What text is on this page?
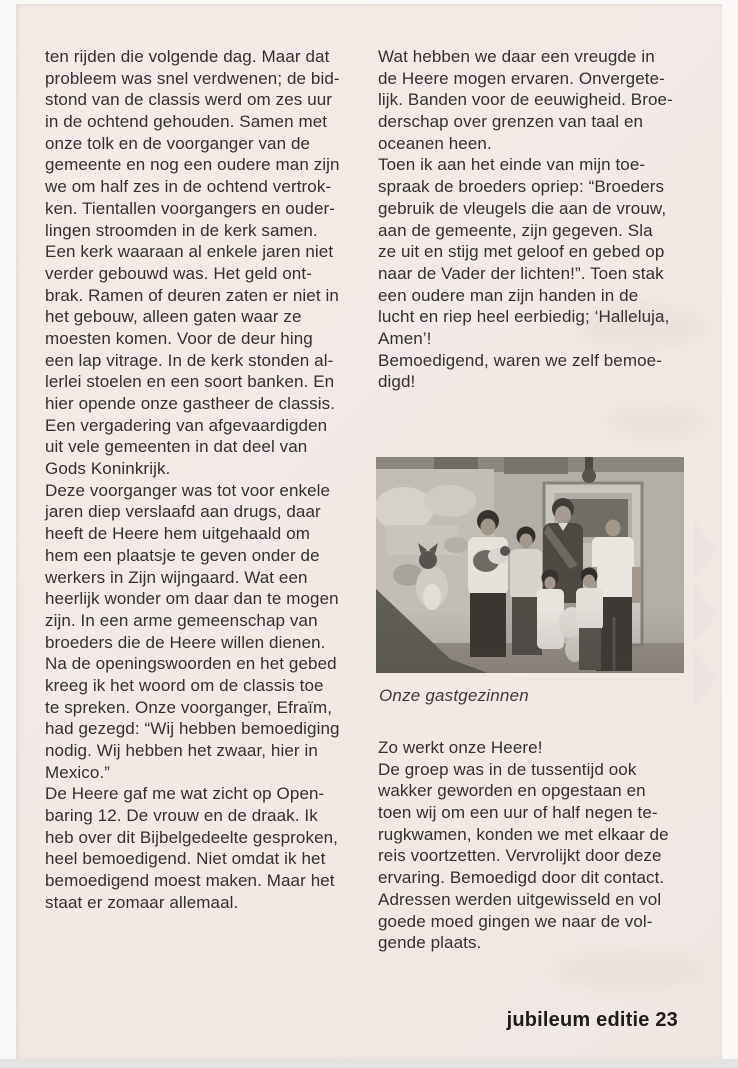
ten rijden die volgende dag. Maar dat
probleem was snel verdwenen; de bid-
stond van de classis werd om zes uur
in de ochtend gehouden. Samen met
onze tolk en de voorganger van de
gemeente en nog een oudere man zijn
we om half zes in de ochtend vertrok-
ken. Tientallen voorgangers en ouder-
lingen stroomden in de kerk samen.
Een kerk waaraan al enkele jaren niet
verder gebouwd was. Het geld ont-
brak. Ramen of deuren zaten er niet in
het gebouw, alleen gaten waar ze
moesten komen. Voor de deur hing
een lap vitrage. In de kerk stonden al-
lerlei stoelen en een soort banken. En
hier opende onze gastheer de classis.
Een vergadering van afgevaardigden
uit vele gemeenten in dat deel van
Gods Koninkrijk.
Deze voorganger was tot voor enkele
jaren diep verslaafd aan drugs, daar
heeft de Heere hem uitgehaald om
hem een plaatsje te geven onder de
werkers in Zijn wijngaard. Wat een
heerlijk wonder om daar dan te mogen
zijn. In een arme gemeenschap van
broeders die de Heere willen dienen.
Na de openingswoorden en het gebed
kreeg ik het woord om de classis toe
te spreken. Onze voorganger, Efraïm,
had gezegd: “Wij hebben bemoediging
nodig. Wij hebben het zwaar, hier in
Mexico.”
De Heere gaf me wat zicht op Open-
baring 12. De vrouw en de draak. Ik
heb over dit Bijbelgedeelte gesproken,
heel bemoedigend. Niet omdat ik het
bemoedigend moest maken. Maar het
staat er zomaar allemaal.
Wat hebben we daar een vreugde in
de Heere mogen ervaren. Onvergete-
lijk. Banden voor de eeuwigheid. Broe-
derschap over grenzen van taal en
oceanen heen.
Toen ik aan het einde van mijn toe-
spraak de broeders opriep: “Broeders
gebruik de vleugels die aan de vrouw,
aan de gemeente, zijn gegeven. Sla
ze uit en stijg met geloof en gebed op
naar de Vader der lichten!”. Toen stak
een oudere man zijn handen in de
lucht en riep heel eerbiedig; ‘Halleluja,
Amen’!
Bemoedigend, waren we zelf bemoe-
digd!
Onze gastgezinnen
Zo werkt onze Heere!
De groep was in de tussentijd ook
wakker geworden en opgestaan en
toen wij om een uur of half negen te-
rugkwamen, konden we met elkaar de
reis voortzetten. Vervrolijkt door deze
ervaring. Bemoedigd door dit contact.
Adressen werden uitgewisseld en vol
goede moed gingen we naar de vol-
gende plaats.
jubileum editie 23
